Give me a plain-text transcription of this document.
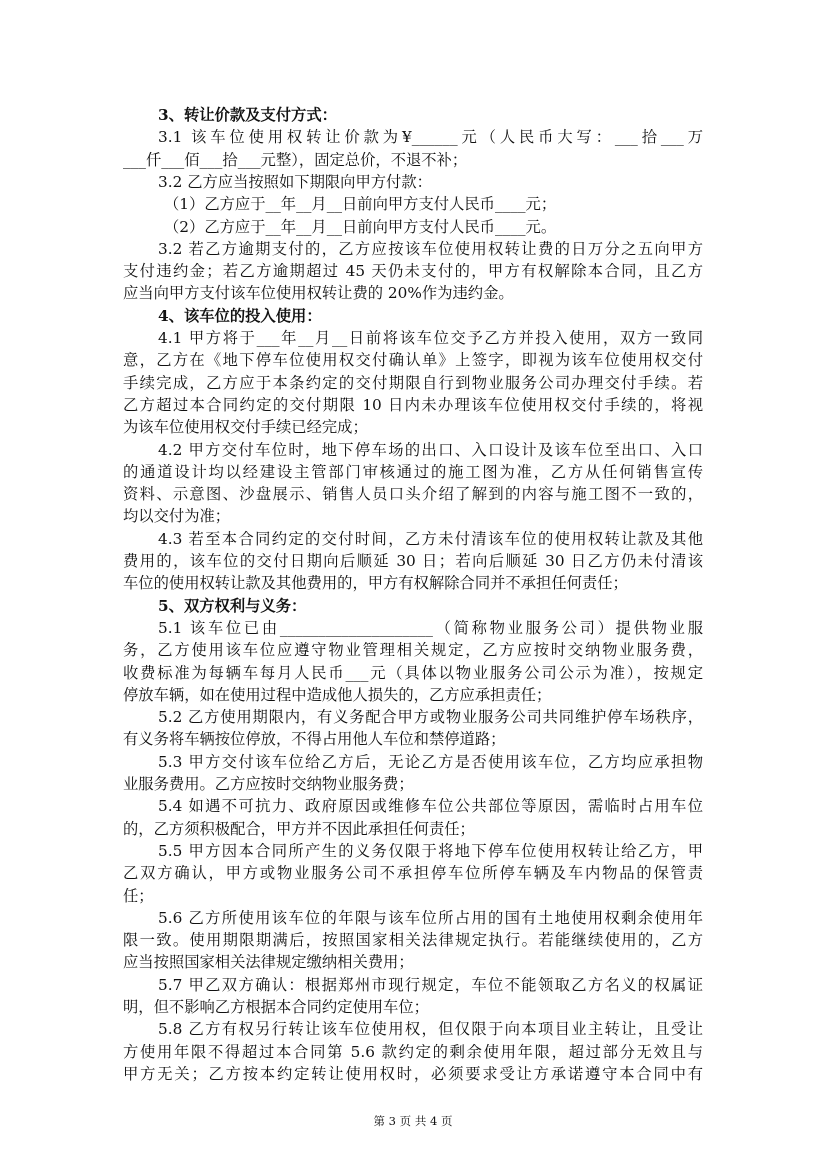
3、转让价款及支付方式：
3.1 该车位使用权转让价款为¥______元（人民币大写：___拾___万
___仟___佰___拾___元整），固定总价，不退不补；
3.2 乙方应当按照如下期限向甲方付款：
（1）乙方应于__年__月__日前向甲方支付人民币____元；
（2）乙方应于__年__月__日前向甲方支付人民币____元。
3.2 若乙方逾期支付的，乙方应按该车位使用权转让费的日万分之五向甲方
支付违约金；若乙方逾期超过 45 天仍未支付的，甲方有权解除本合同，且乙方
应当向甲方支付该车位使用权转让费的 20%作为违约金。
4、该车位的投入使用：
4.1 甲方将于___年__月__日前将该车位交予乙方并投入使用，双方一致同
意，乙方在《地下停车位使用权交付确认单》上签字，即视为该车位使用权交付
手续完成，乙方应于本条约定的交付期限自行到物业服务公司办理交付手续。若
乙方超过本合同约定的交付期限 10 日内未办理该车位使用权交付手续的，将视
为该车位使用权交付手续已经完成；
4.2 甲方交付车位时，地下停车场的出口、入口设计及该车位至出口、入口
的通道设计均以经建设主管部门审核通过的施工图为准，乙方从任何销售宣传
资料、示意图、沙盘展示、销售人员口头介绍了解到的内容与施工图不一致的，
均以交付为准；
4.3 若至本合同约定的交付时间，乙方未付清该车位的使用权转让款及其他
费用的，该车位的交付日期向后顺延 30 日；若向后顺延 30 日乙方仍未付清该
车位的使用权转让款及其他费用的，甲方有权解除合同并不承担任何责任；
5、双方权利与义务：
5.1 该车位已由____________________（简称物业服务公司）提供物业服
务，乙方使用该车位应遵守物业管理相关规定，乙方应按时交纳物业服务费，
收费标准为每辆车每月人民币___元（具体以物业服务公司公示为准），按规定
停放车辆，如在使用过程中造成他人损失的，乙方应承担责任；
5.2 乙方使用期限内，有义务配合甲方或物业服务公司共同维护停车场秩序，
有义务将车辆按位停放，不得占用他人车位和禁停道路；
5.3 甲方交付该车位给乙方后，无论乙方是否使用该车位，乙方均应承担物
业服务费用。乙方应按时交纳物业服务费；
5.4 如遇不可抗力、政府原因或维修车位公共部位等原因，需临时占用车位
的，乙方须积极配合，甲方并不因此承担任何责任；
5.5 甲方因本合同所产生的义务仅限于将地下停车位使用权转让给乙方，甲
乙双方确认，甲方或物业服务公司不承担停车位所停车辆及车内物品的保管责
任；
5.6 乙方所使用该车位的年限与该车位所占用的国有土地使用权剩余使用年
限一致。使用期限期满后，按照国家相关法律规定执行。若能继续使用的，乙方
应当按照国家相关法律规定缴纳相关费用；
5.7 甲乙双方确认：根据郑州市现行规定，车位不能领取乙方名义的权属证
明，但不影响乙方根据本合同约定使用车位；
5.8 乙方有权另行转让该车位使用权，但仅限于向本项目业主转让，且受让
方使用年限不得超过本合同第 5.6 款约定的剩余使用年限，超过部分无效且与
甲方无关；乙方按本约定转让使用权时，必须要求受让方承诺遵守本合同中有
第 3 页 共 4 页
